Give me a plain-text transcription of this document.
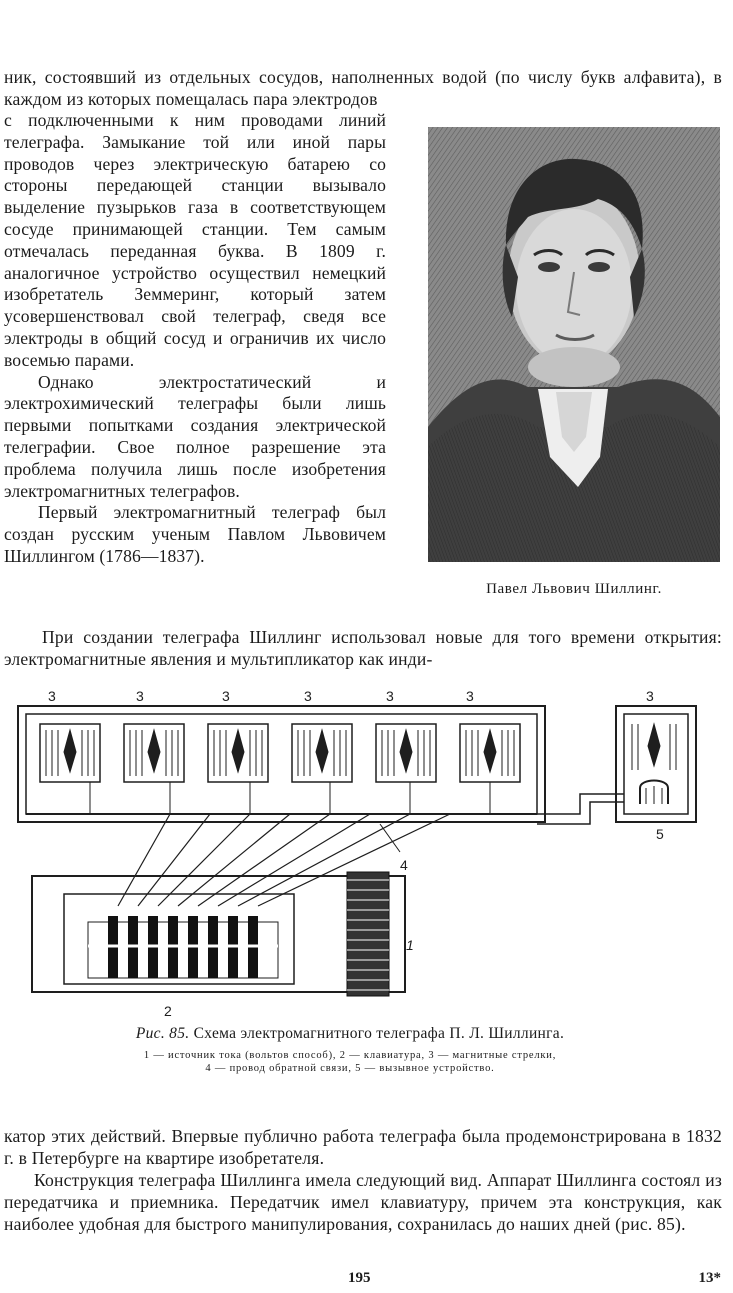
ник, состоявший из отдельных сосудов, наполненных водой (по числу букв алфавита), в каждом из которых помещалась пара электродов

с подключенными к ним проводами линий телеграфа. Замыкание той или иной пары проводов через электрическую батарею со стороны передающей станции вызывало выделение пузырьков газа в соответствующем сосуде принимающей станции. Тем самым отмечалась переданная буква. В 1809 г. аналогичное устройство осуществил немецкий изобретатель Земмеринг, который затем усовершенствовал свой телеграф, сведя все электроды в общий сосуд и ограничив их число восемью парами.

Однако электростатический и электрохимический телеграфы были лишь первыми попытками создания электрической телеграфии. Свое полное разрешение эта проблема получила лишь после изобретения электромагнитных телеграфов.

Первый электромагнитный телеграф был создан русским ученым Павлом Львовичем Шиллингом (1786—1837).

Павел Львович Шиллинг.

При создании телеграфа Шиллинг использовал новые для того времени открытия: электромагнитные явления и мультипликатор как инди-

3	3	3	3	3	3	3
4
5
1
2
Рис. 85. Схема электромагнитного телеграфа П. Л. Шиллинга.
1 — источник тока (вольтов способ), 2 — клавиатура, 3 — магнитные стрелки,
4 — провод обратной связи, 5 — вызывное устройство.

катор этих действий. Впервые публично работа телеграфа была продемонстрирована в 1832 г. в Петербурге на квартире изобретателя.

Конструкция телеграфа Шиллинга имела следующий вид. Аппарат Шиллинга состоял из передатчика и приемника. Передатчик имел клавиатуру, причем эта конструкция, как наиболее удобная для быстрого манипулирования, сохранилась до наших дней (рис. 85).

195	13*
